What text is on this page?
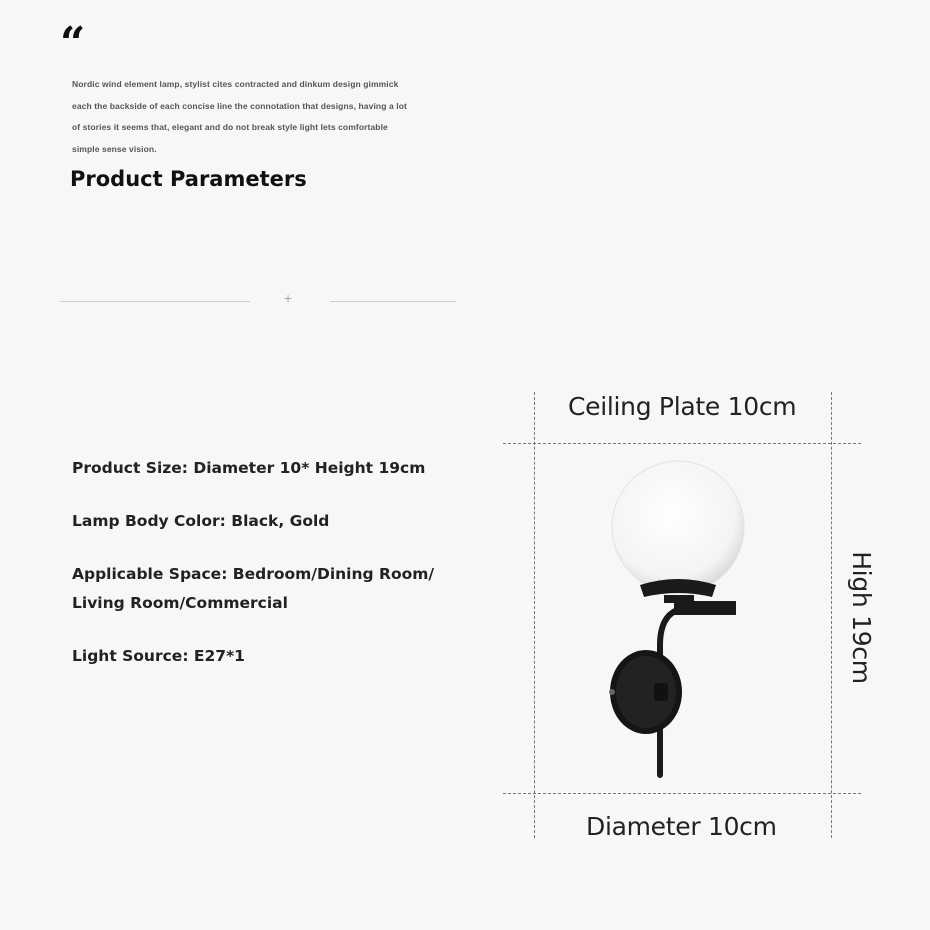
“
Nordic wind element lamp, stylist cites contracted and dinkum design gimmick
each the backside of each concise line the connotation that designs, having a lot
of stories it seems that, elegant and do not break style light lets comfortable
simple sense vision.
Product Parameters
+
Product Size: Diameter 10* Height 19cm
Lamp Body Color: Black, Gold
Applicable Space: Bedroom/Dining Room/
Living Room/Commercial
Light Source: E27*1
Ceiling Plate 10cm
High 19cm
Diameter 10cm
